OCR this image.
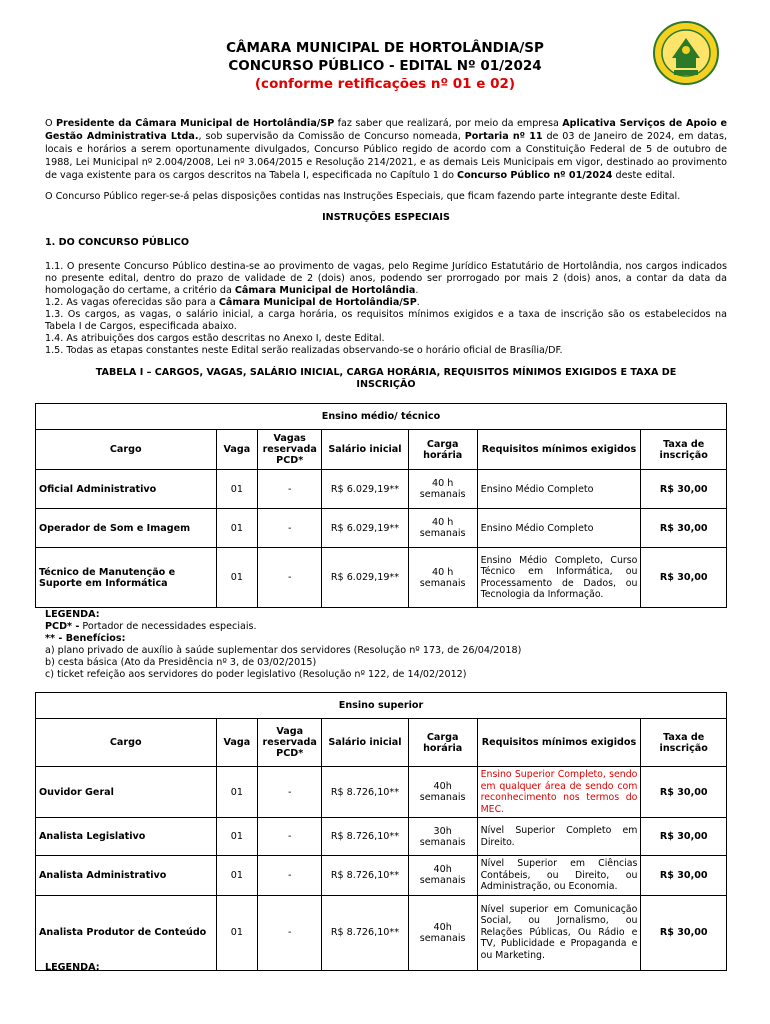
CÂMARA MUNICIPAL DE HORTOLÂNDIA/SP
CONCURSO PÚBLICO - EDITAL Nº 01/2024
(conforme retificações nº 01 e 02)
O Presidente da Câmara Municipal de Hortolândia/SP faz saber que realizará, por meio da empresa Aplicativa Serviços de Apoio e Gestão Administrativa Ltda., sob supervisão da Comissão de Concurso nomeada, Portaria nº 11 de 03 de Janeiro de 2024, em datas, locais e horários a serem oportunamente divulgados, Concurso Público regido de acordo com a Constituição Federal de 5 de outubro de 1988, Lei Municipal nº 2.004/2008, Lei nº 3.064/2015 e Resolução 214/2021, e as demais Leis Municipais em vigor, destinado ao provimento de vaga existente para os cargos descritos na Tabela I, especificada no Capítulo 1 do Concurso Público nº 01/2024 deste edital.
O Concurso Público reger-se-á pelas disposições contidas nas Instruções Especiais, que ficam fazendo parte integrante deste Edital.
INSTRUÇÕES ESPECIAIS
1. DO CONCURSO PÚBLICO
1.1. O presente Concurso Público destina-se ao provimento de vagas, pelo Regime Jurídico Estatutário de Hortolândia, nos cargos indicados no presente edital, dentro do prazo de validade de 2 (dois) anos, podendo ser prorrogado por mais 2 (dois) anos, a contar da data da homologação do certame, a critério da Câmara Municipal de Hortolândia.
1.2. As vagas oferecidas são para a Câmara Municipal de Hortolândia/SP.
1.3. Os cargos, as vagas, o salário inicial, a carga horária, os requisitos mínimos exigidos e a taxa de inscrição são os estabelecidos na Tabela I de Cargos, especificada abaixo.
1.4. As atribuições dos cargos estão descritas no Anexo I, deste Edital.
1.5. Todas as etapas constantes neste Edital serão realizadas observando-se o horário oficial de Brasília/DF.
TABELA I – CARGOS, VAGAS, SALÁRIO INICIAL, CARGA HORÁRIA, REQUISITOS MÍNIMOS EXIGIDOS E TAXA DE INSCRIÇÃO
Ensino médio/ técnico						
Cargo	Vaga	Vagas reservada PCD*	Salário inicial	Carga horária	Requisitos mínimos exigidos	Taxa de inscrição
Oficial Administrativo	01	-	R$ 6.029,19**	40 h semanais	Ensino Médio Completo	R$ 30,00
Operador de Som e Imagem	01	-	R$ 6.029,19**	40 h semanais	Ensino Médio Completo	R$ 30,00
Técnico de Manutenção e Suporte em Informática	01	-	R$ 6.029,19**	40 h semanais	Ensino Médio Completo, Curso Técnico em Informática, ou Processamento de Dados, ou Tecnologia da Informação.	R$ 30,00
LEGENDA:
PCD* - Portador de necessidades especiais.
** - Benefícios:
a) plano privado de auxílio à saúde suplementar dos servidores (Resolução nº 173, de 26/04/2018)
b) cesta básica (Ato da Presidência nº 3, de 03/02/2015)
c) ticket refeição aos servidores do poder legislativo (Resolução nº 122, de 14/02/2012)
Ensino superior						
Cargo	Vaga	Vaga reservada PCD*	Salário inicial	Carga horária	Requisitos mínimos exigidos	Taxa de inscrição
Ouvidor Geral	01	-	R$ 8.726,10**	40h semanais	Ensino Superior Completo, sendo em qualquer área de sendo com reconhecimento nos termos do MEC.	R$ 30,00
Analista Legislativo	01	-	R$ 8.726,10**	30h semanais	Nível Superior Completo em Direito.	R$ 30,00
Analista Administrativo	01	-	R$ 8.726,10**	40h semanais	Nível Superior em Ciências Contábeis, ou Direito, ou Administração, ou Economia.	R$ 30,00
Analista Produtor de Conteúdo	01	-	R$ 8.726,10**	40h semanais	Nível superior em Comunicação Social, ou Jornalismo, ou Relações Públicas, Ou Rádio e TV, Publicidade e Propaganda e ou Marketing.	R$ 30,00
LEGENDA:
